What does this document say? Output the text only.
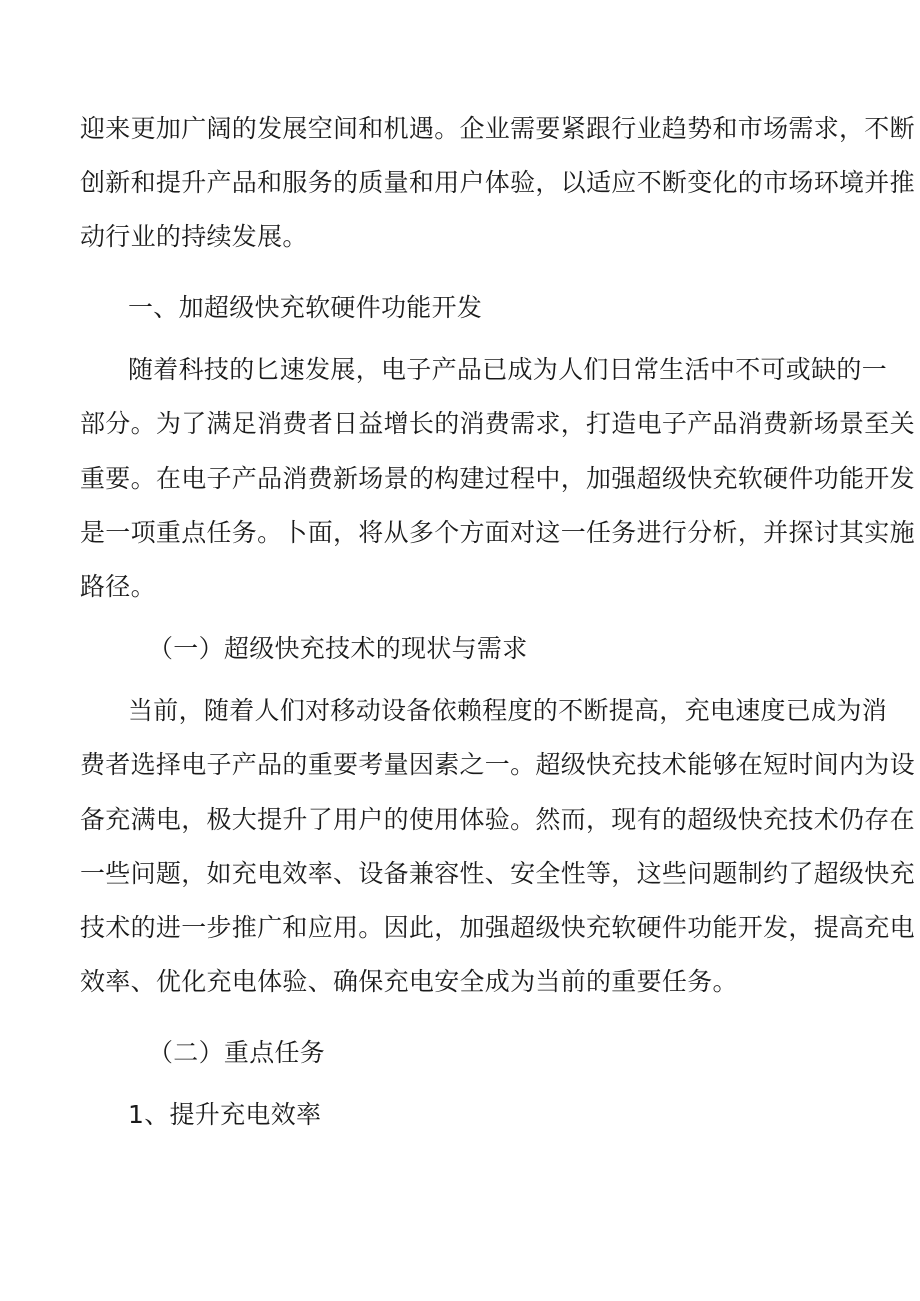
迎来更加广阔的发展空间和机遇。企业需要紧跟行业趋势和市场需求，不断
创新和提升产品和服务的质量和用户体验，以适应不断变化的市场环境并推
动行业的持续发展。
一、加超级快充软硬件功能开发
随着科技的匕速发展，电子产品已成为人们日常生活中不可或缺的一
部分。为了满足消费者日益增长的消费需求，打造电子产品消费新场景至关
重要。在电子产品消费新场景的构建过程中，加强超级快充软硬件功能开发
是一项重点任务。卜面，将从多个方面对这一任务进行分析，并探讨其实施
路径。
（一）超级快充技术的现状与需求
当前，随着人们对移动设备依赖程度的不断提高，充电速度已成为消
费者选择电子产品的重要考量因素之一。超级快充技术能够在短时间内为设
备充满电，极大提升了用户的使用体验。然而，现有的超级快充技术仍存在
一些问题，如充电效率、设备兼容性、安全性等，这些问题制约了超级快充
技术的进一步推广和应用。因此，加强超级快充软硬件功能开发，提高充电
效率、优化充电体验、确保充电安全成为当前的重要任务。
（二）重点任务
1、提升充电效率
